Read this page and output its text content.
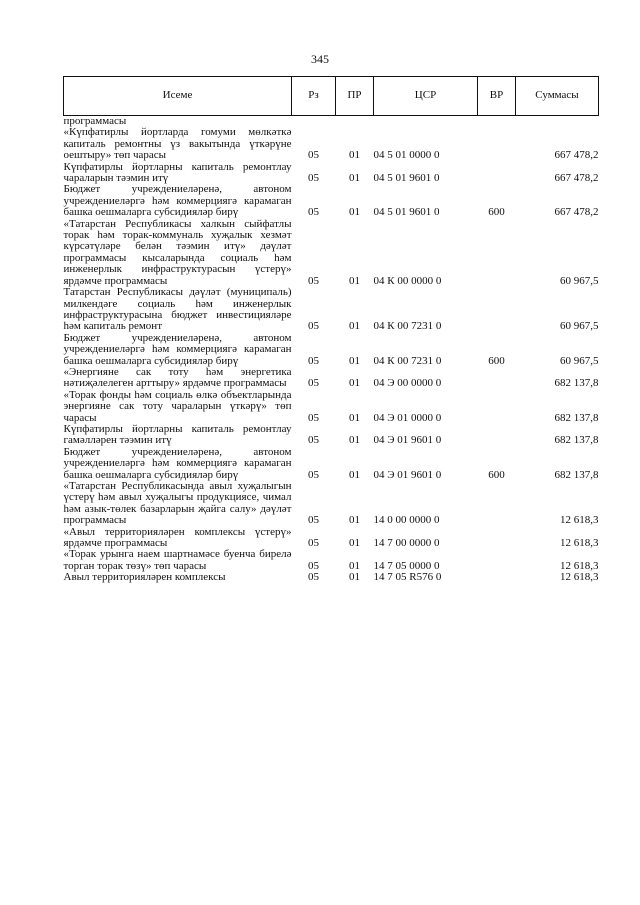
345
Исеме	Рз	ПР	ЦСР	ВР	Суммасы
программасы					
«Күпфатирлы йортларда гомуми мөлкәткә капиталь ремонтны үз вакытында үткәрүне оештыру» төп чарасы	05	01	04 5 01 0000 0		667 478,2
Күпфатирлы йортларны капиталь ремонтлау чараларын тәэмин итү	05	01	04 5 01 9601 0		667 478,2
Бюджет учреждениеләренә, автоном учреждениеләргә һәм коммерциягә карамаган башка оешмаларга субсидияләр бирү	05	01	04 5 01 9601 0	600	667 478,2
«Татарстан Республикасы халкын сыйфатлы торак һәм торак-коммуналь хуҗалык хезмәт күрсәтүләре белән тәэмин итү» дәүләт программасы кысаларында социаль һәм инженерлык инфраструктурасын үстерү» ярдәмче программасы	05	01	04 К 00 0000 0		60 967,5
Татарстан Республикасы дәүләт (муниципаль) милкендәге социаль һәм инженерлык инфраструктурасына бюджет инвестицияләре һәм капиталь ремонт	05	01	04 К 00 7231 0		60 967,5
Бюджет учреждениеләренә, автоном учреждениеләргә һәм коммерциягә карамаган башка оешмаларга субсидияләр бирү	05	01	04 К 00 7231 0	600	60 967,5
«Энергияне сак тоту һәм энергетика нәтиҗәлелеген арттыру» ярдәмче программасы	05	01	04 Э 00 0000 0		682 137,8
«Торак фонды һәм социаль өлкә объектларында энергияне сак тоту чараларын үткәрү» төп чарасы	05	01	04 Э 01 0000 0		682 137,8
Күпфатирлы йортларны капиталь ремонтлау гамәлләрен тәэмин итү	05	01	04 Э 01 9601 0		682 137,8
Бюджет учреждениеләренә, автоном учреждениеләргә һәм коммерциягә карамаган башка оешмаларга субсидияләр бирү	05	01	04 Э 01 9601 0	600	682 137,8
«Татарстан Республикасында авыл хуҗалыгын үстерү һәм авыл хуҗалыгы продукциясе, чимал һәм азык-төлек базарларын җайга салу» дәүләт программасы	05	01	14 0 00 0000 0		12 618,3
«Авыл территорияләрен комплексы үстерү» ярдәмче программасы	05	01	14 7 00 0000 0		12 618,3
«Торак урынга наем шартнамәсе буенча бирелә торган торак төзү» төп чарасы	05	01	14 7 05 0000 0		12 618,3
Авыл территорияләрен комплексы	05	01	14 7 05 R576 0		12 618,3
